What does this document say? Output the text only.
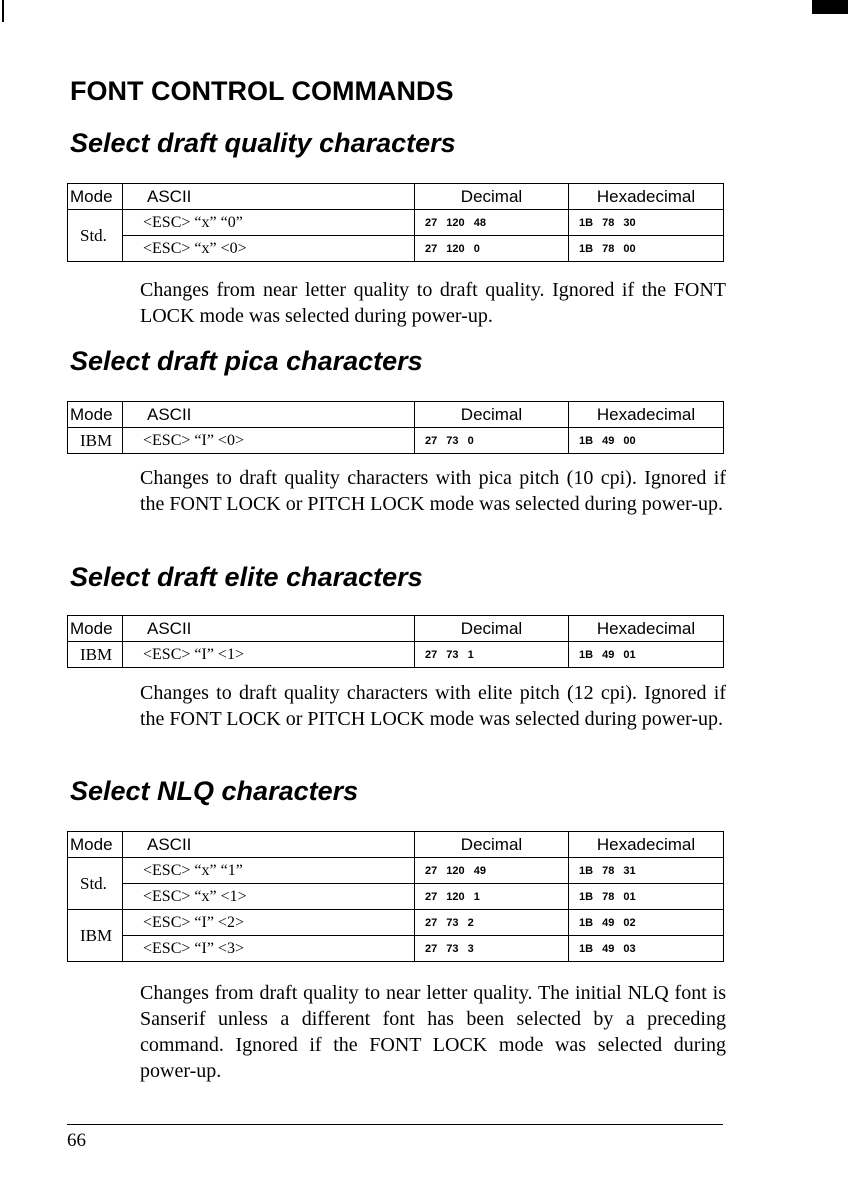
FONT CONTROL COMMANDS
Select draft quality characters
Mode	ASCII	Decimal	Hexadecimal
Std.	<ESC> “x” “0”	27 120 48	1B 78 30
	<ESC> “x” <0>	27 120 0	1B 78 00

Changes from near letter quality to draft quality. Ignored if the FONT LOCK mode was selected during power-up.

Select draft pica characters
Mode	ASCII	Decimal	Hexadecimal
IBM	<ESC> “I” <0>	27 73 0	1B 49 00

Changes to draft quality characters with pica pitch (10 cpi). Ignored if the FONT LOCK or PITCH LOCK mode was selected during power-up.

Select draft elite characters
Mode	ASCII	Decimal	Hexadecimal
IBM	<ESC> “I” <1>	27 73 1	1B 49 01

Changes to draft quality characters with elite pitch (12 cpi). Ignored if the FONT LOCK or PITCH LOCK mode was selected during power-up.

Select NLQ characters
Mode	ASCII	Decimal	Hexadecimal
Std.	<ESC> “x” “1”	27 120 49	1B 78 31
	<ESC> “x” <1>	27 120 1	1B 78 01
IBM	<ESC> “I” <2>	27 73 2	1B 49 02
	<ESC> “I” <3>	27 73 3	1B 49 03

Changes from draft quality to near letter quality. The initial NLQ font is Sanserif unless a different font has been selected by a preceding command. Ignored if the FONT LOCK mode was selected during power-up.

66
